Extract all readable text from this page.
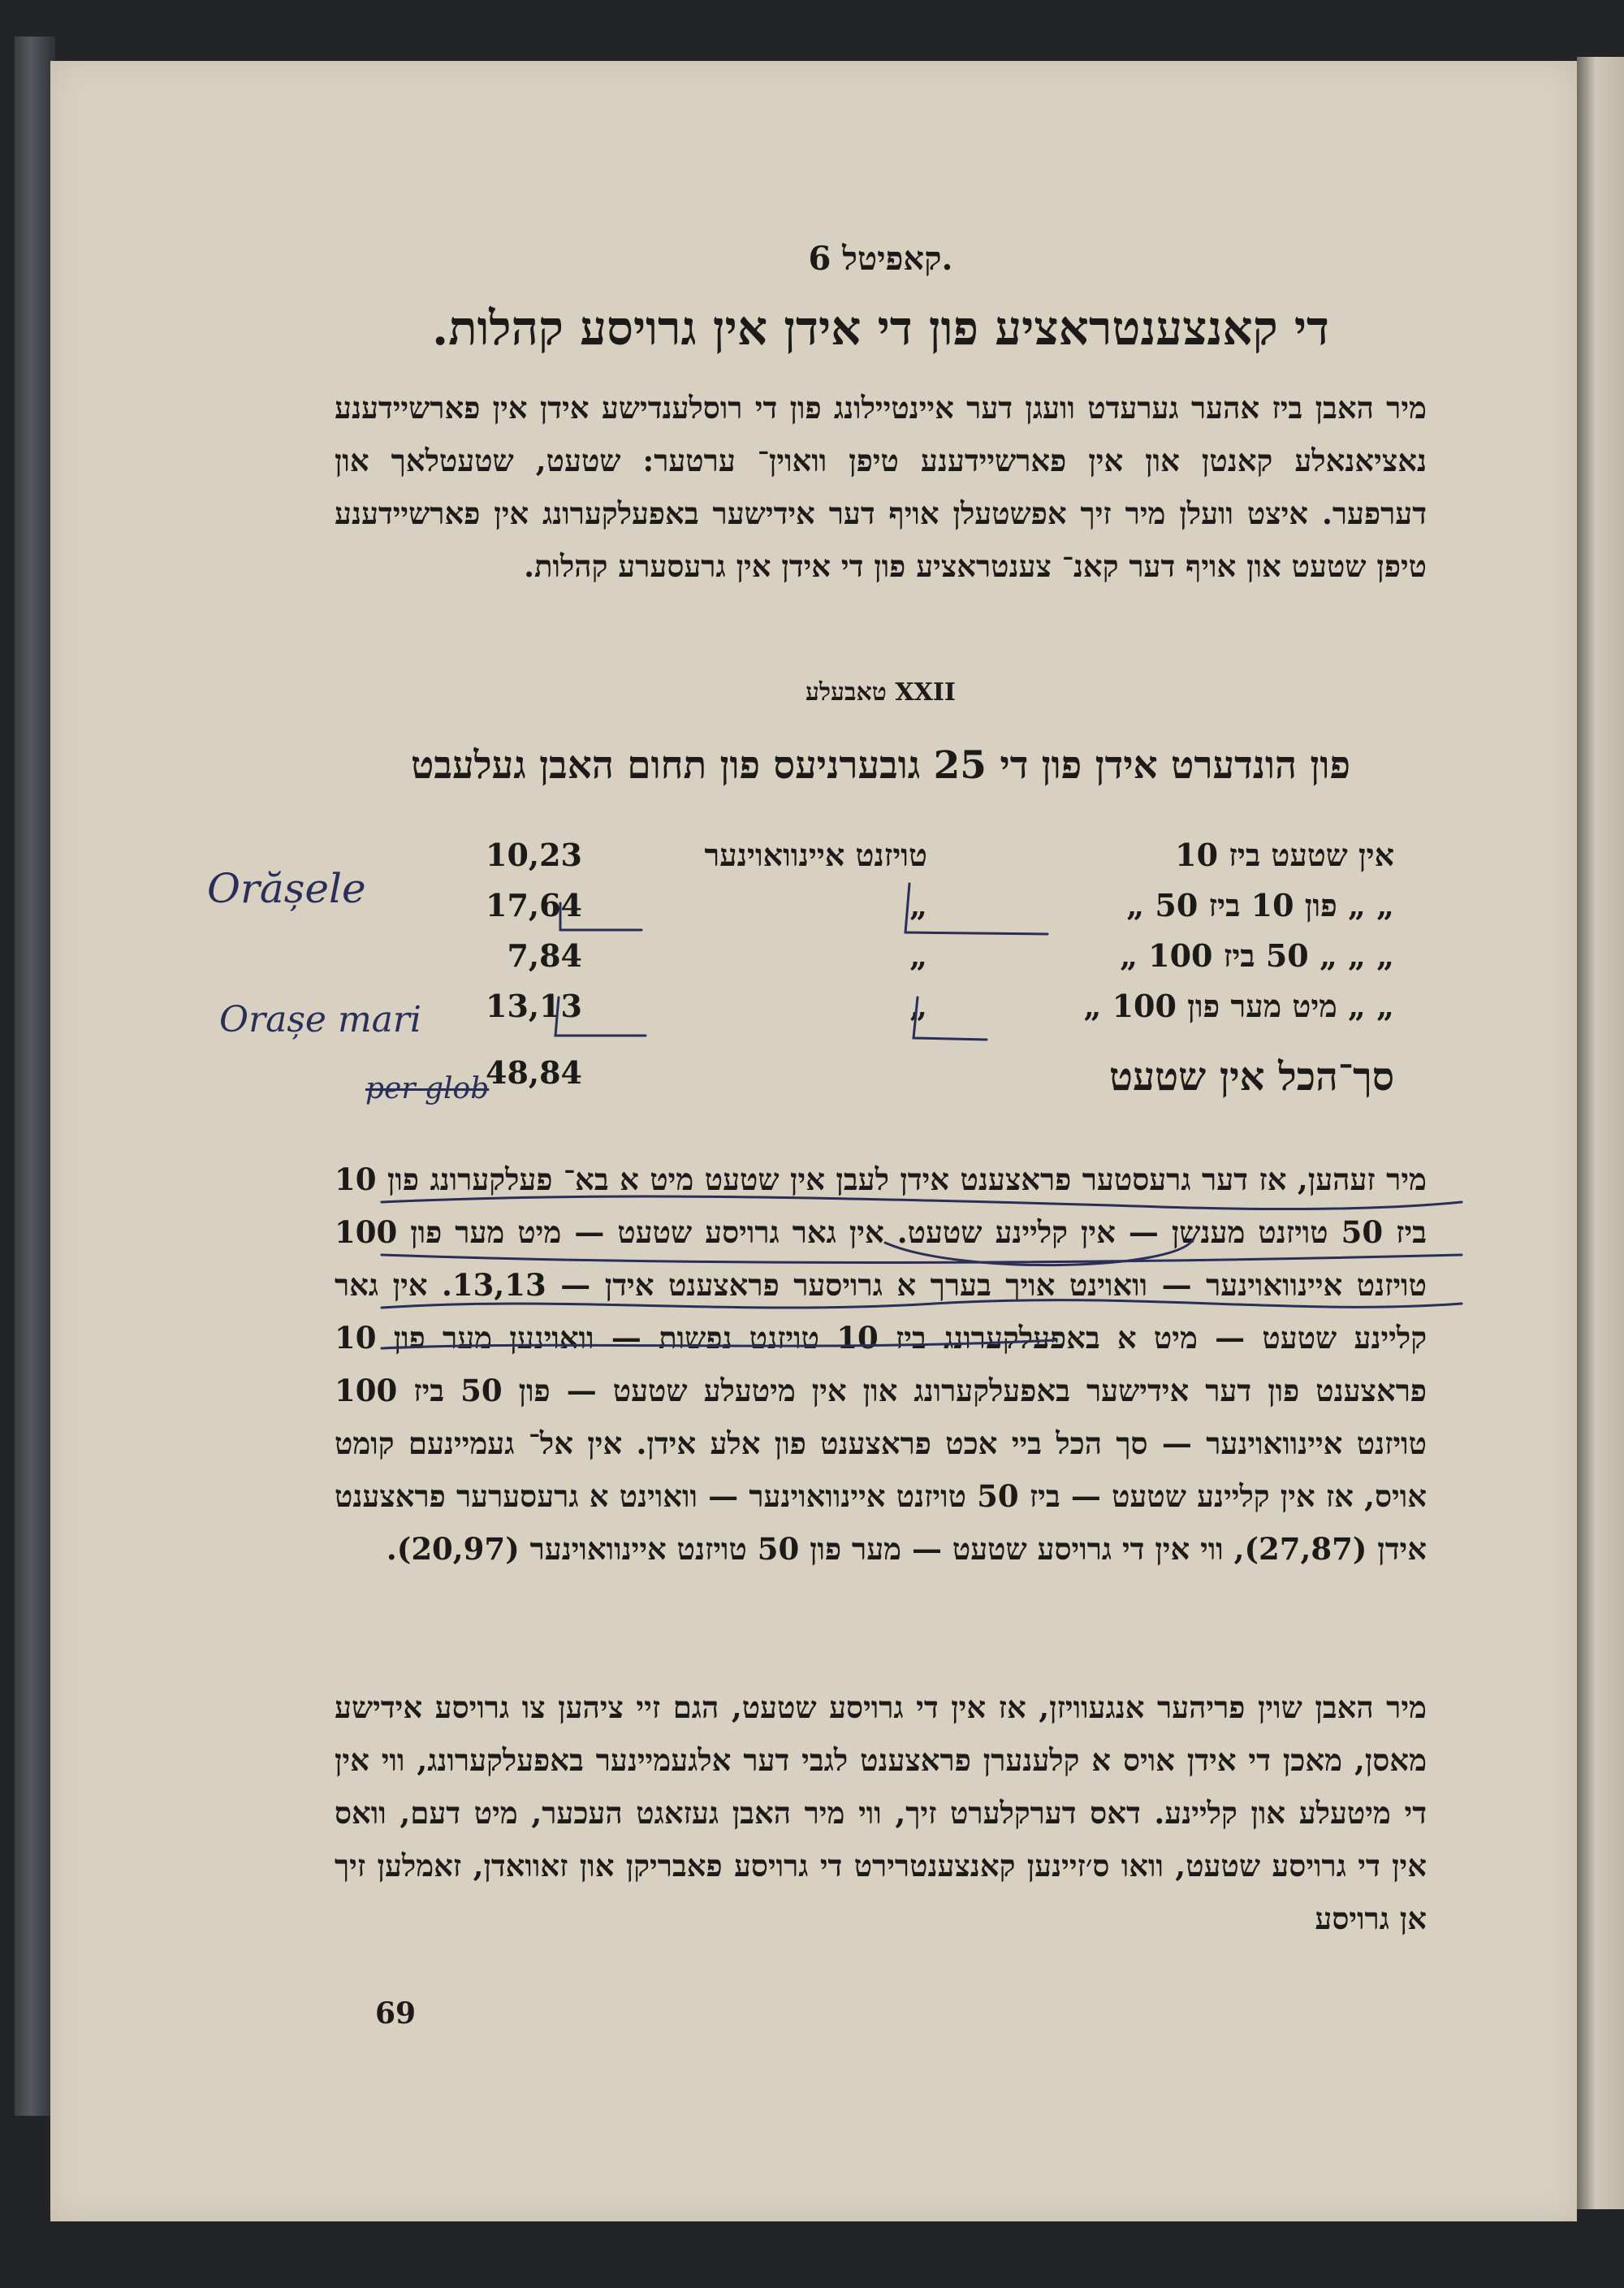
קאפיטל 6.
די קאנצענטראציע פון די אידן אין גרויסע קהלות.
מיר האבן ביז אהער גערעדט וועגן דער איינטיילונג פון די רוסלענדישע אידן אין פארשיידענע נאציאנאלע קאנטן און אין פארשיידענע טיפן וואוין־ ערטער: שטעט, שטעטלאך און דערפער. איצט וועלן מיר זיך אפשטעלן אויף דער אידישער באפעלקערונג אין פארשיידענע טיפן שטעט און אויף דער קאנ־ צענטראציע פון די אידן אין גרעסערע קהלות.
טאבעלע XXII
פון הונדערט אידן פון די 25 גובערניעס פון תחום האבן געלעבט
אין שטעט ביז 10
טויזנט איינוואוינער
10,23
„ „ פון 10 ביז 50 „
„
17,64
„ „ „ 50 ביז 100 „
„
7,84
„ „ מיט מער פון 100 „
„
13,13
סך־הכל אין שטעט
48,84
מיר זעהען, אז דער גרעסטער פראצענט אידן לעבן אין שטעט מיט א בא־ פעלקערונג פון 10 ביז 50 טויזנט מענשן — אין קליינע שטעט. אין גאר גרויסע שטעט — מיט מער פון 100 טויזנט איינוואוינער — וואוינט אויך בערך א גרויסער פראצענט אידן — 13,13. אין גאר קליינע שטעט — מיט א באפעלקערונג ביז 10 טויזנט נפשות — וואוינען מער פון 10 פראצענט פון דער אידישער באפעלקערונג און אין מיטעלע שטעט — פון 50 ביז 100 טויזנט איינוואוינער — סך הכל ביי אכט פראצענט פון אלע אידן. אין אל־ געמיינעם קומט אויס, אז אין קליינע שטעט — ביז 50 טויזנט איינוואוינער — וואוינט א גרעסערער פראצענט אידן (27,87), ווי אין די גרויסע שטעט — מער פון 50 טויזנט איינוואוינער (20,97).
מיר האבן שוין פריהער אנגעוויזן, אז אין די גרויסע שטעט, הגם זיי ציהען צו גרויסע אידישע מאסן, מאכן די אידן אויס א קלענערן פראצענט לגבי דער אלגעמיינער באפעלקערונג, ווי אין די מיטעלע און קליינע. דאס דערקלערט זיך, ווי מיר האבן געזאגט העכער, מיט דעם, וואס אין די גרויסע שטעט, וואו ס׳זיינען קאנצענטרירט די גרויסע פאבריקן און זאוואדן, זאמלען זיך אן גרויסע
69
Orășele
Orașe mari
per glob
